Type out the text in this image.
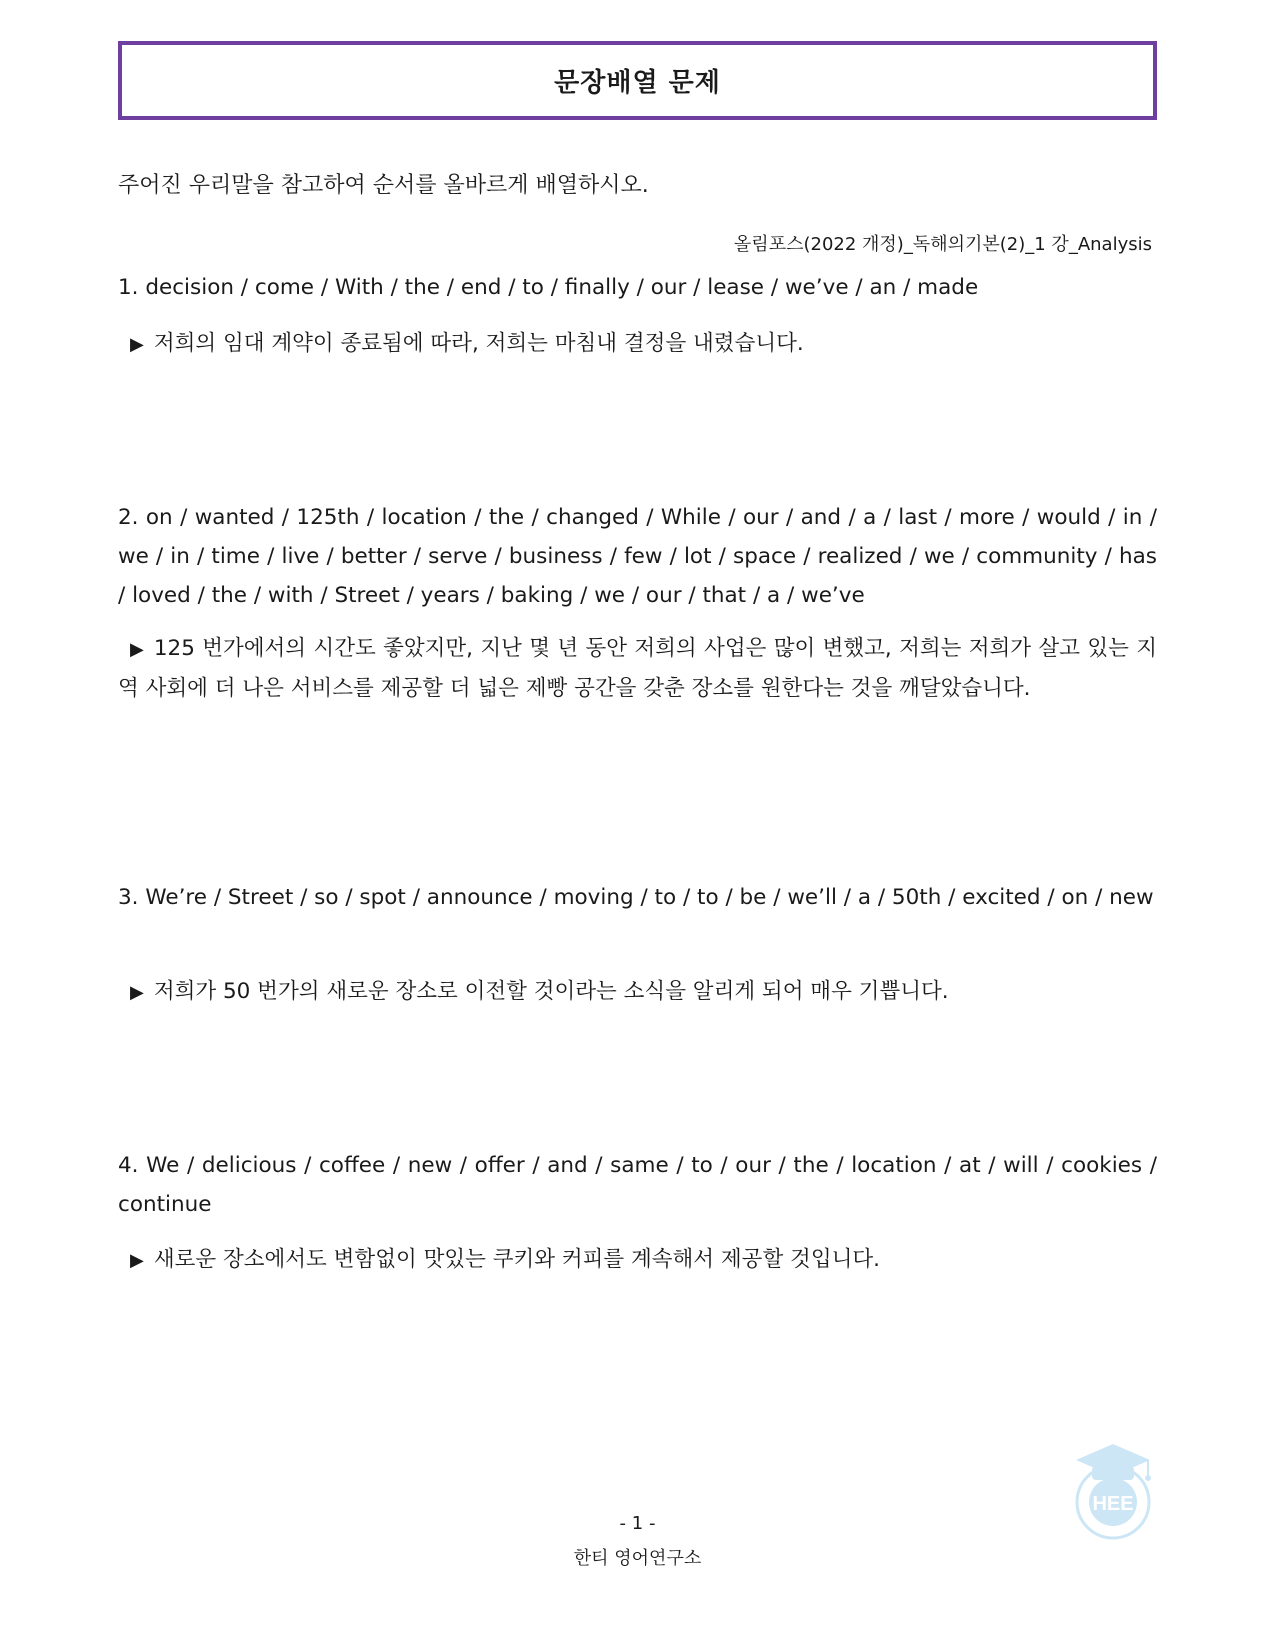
문장배열 문제
주어진 우리말을 참고하여 순서를 올바르게 배열하시오.
올림포스(2022 개정)_독해의기본(2)_1 강_Analysis
1. decision / come / With / the / end / to / finally / our / lease / we’ve / an / made
▶ 저희의 임대 계약이 종료됨에 따라, 저희는 마침내 결정을 내렸습니다.
2. on / wanted / 125th / location / the / changed / While / our / and / a / last / more / would / in / we / in / time / live / better / serve / business / few / lot / space / realized / we / community / has / loved / the / with / Street / years / baking / we / our / that / a / we’ve
▶ 125 번가에서의 시간도 좋았지만, 지난 몇 년 동안 저희의 사업은 많이 변했고, 저희는 저희가 살고 있는 지역 사회에 더 나은 서비스를 제공할 더 넓은 제빵 공간을 갖춘 장소를 원한다는 것을 깨달았습니다.
3. We’re / Street / so / spot / announce / moving / to / to / be / we’ll / a / 50th / excited / on / new
▶ 저희가 50 번가의 새로운 장소로 이전할 것이라는 소식을 알리게 되어 매우 기쁩니다.
4. We / delicious / coffee / new / offer / and / same / to / our / the / location / at / will / cookies / continue
▶ 새로운 장소에서도 변함없이 맛있는 쿠키와 커피를 계속해서 제공할 것입니다.
HEE
- 1 -
한티 영어연구소
